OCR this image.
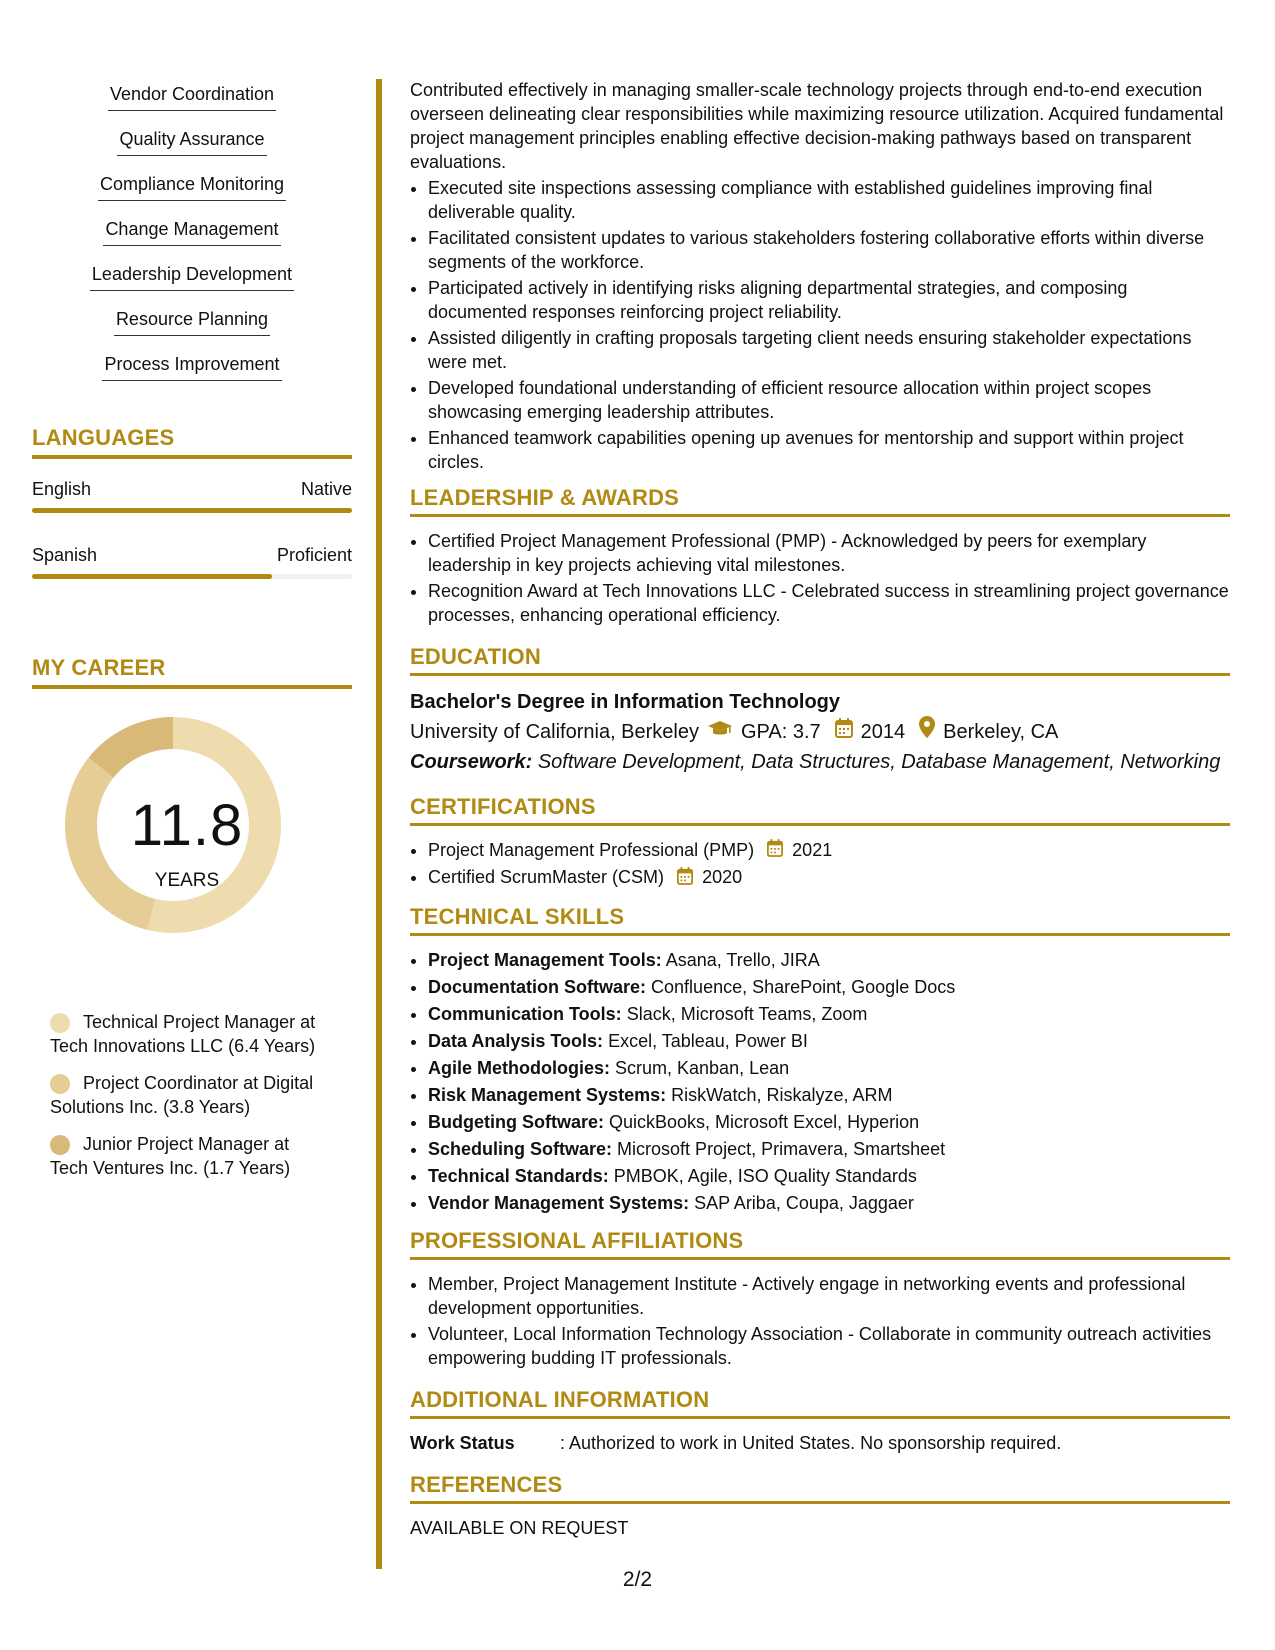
Vendor Coordination
Quality Assurance
Compliance Monitoring
Change Management
Leadership Development
Resource Planning
Process Improvement
LANGUAGES
English	Native
Spanish	Proficient
MY CAREER
11.8
YEARS
Technical Project Manager at Tech Innovations LLC (6.4 Years)
Project Coordinator at Digital Solutions Inc. (3.8 Years)
Junior Project Manager at Tech Ventures Inc. (1.7 Years)

Contributed effectively in managing smaller-scale technology projects through end-to-end execution overseen delineating clear responsibilities while maximizing resource utilization. Acquired fundamental project management principles enabling effective decision-making pathways based on transparent evaluations.

• Executed site inspections assessing compliance with established guidelines improving final deliverable quality.
• Facilitated consistent updates to various stakeholders fostering collaborative efforts within diverse segments of the workforce.
• Participated actively in identifying risks aligning departmental strategies, and composing documented responses reinforcing project reliability.
• Assisted diligently in crafting proposals targeting client needs ensuring stakeholder expectations were met.
• Developed foundational understanding of efficient resource allocation within project scopes showcasing emerging leadership attributes.
• Enhanced teamwork capabilities opening up avenues for mentorship and support within project circles.
LEADERSHIP & AWARDS
• Certified Project Management Professional (PMP) - Acknowledged by peers for exemplary leadership in key projects achieving vital milestones.
• Recognition Award at Tech Innovations LLC - Celebrated success in streamlining project governance processes, enhancing operational efficiency.
EDUCATION
Bachelor's Degree in Information Technology
University of California, Berkeley GPA: 3.7 2014 Berkeley, CA
Coursework: Software Development, Data Structures, Database Management, Networking
CERTIFICATIONS
• Project Management Professional (PMP) 2021
• Certified ScrumMaster (CSM) 2020
TECHNICAL SKILLS
• Project Management Tools: Asana, Trello, JIRA
• Documentation Software: Confluence, SharePoint, Google Docs
• Communication Tools: Slack, Microsoft Teams, Zoom
• Data Analysis Tools: Excel, Tableau, Power BI
• Agile Methodologies: Scrum, Kanban, Lean
• Risk Management Systems: RiskWatch, Riskalyze, ARM
• Budgeting Software: QuickBooks, Microsoft Excel, Hyperion
• Scheduling Software: Microsoft Project, Primavera, Smartsheet
• Technical Standards: PMBOK, Agile, ISO Quality Standards
• Vendor Management Systems: SAP Ariba, Coupa, Jaggaer
PROFESSIONAL AFFILIATIONS
• Member, Project Management Institute - Actively engage in networking events and professional development opportunities.
• Volunteer, Local Information Technology Association - Collaborate in community outreach activities empowering budding IT professionals.
ADDITIONAL INFORMATION
Work Status	: Authorized to work in United States. No sponsorship required.
REFERENCES
AVAILABLE ON REQUEST
2/2
